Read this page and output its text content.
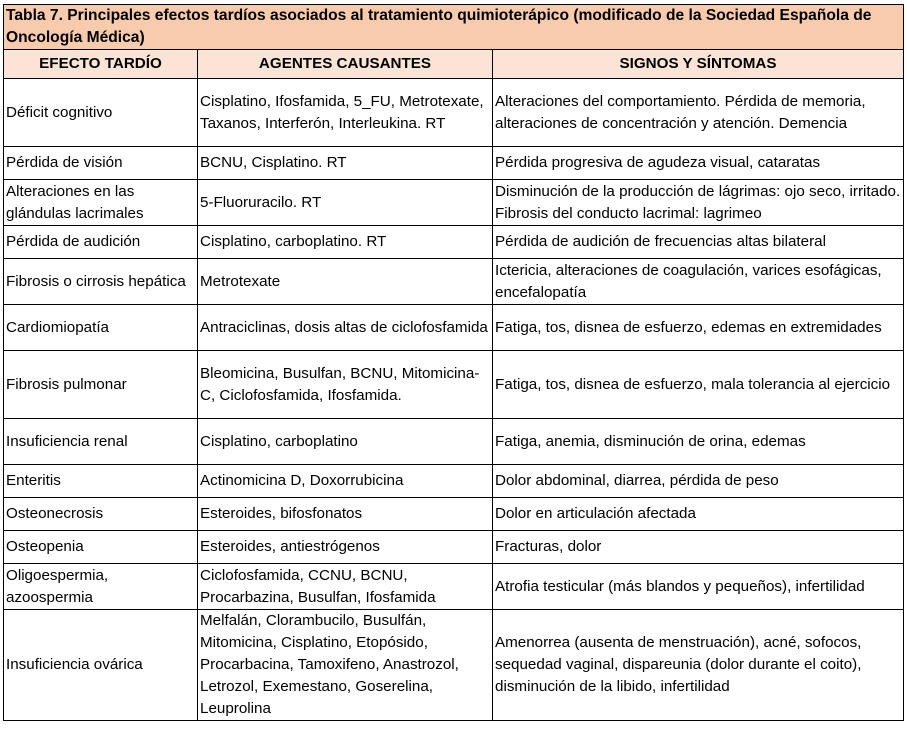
Tabla 7. Principales efectos tardíos asociados al tratamiento quimioterápico (modificado de la Sociedad Española de Oncología Médica)		
EFECTO TARDÍO	AGENTES CAUSANTES	SIGNOS Y SÍNTOMAS
Déficit cognitivo	Cisplatino, Ifosfamida, 5_FU, Metrotexate, Taxanos, Interferón, Interleukina. RT	Alteraciones del comportamiento. Pérdida de memoria, alteraciones de concentración y atención. Demencia
Pérdida de visión	BCNU, Cisplatino. RT	Pérdida progresiva de agudeza visual, cataratas
Alteraciones en las glándulas lacrimales	5-Fluoruracilo. RT	Disminución de la producción de lágrimas: ojo seco, irritado. Fibrosis del conducto lacrimal: lagrimeo
Pérdida de audición	Cisplatino, carboplatino. RT	Pérdida de audición de frecuencias altas bilateral
Fibrosis o cirrosis hepática	Metrotexate	Ictericia, alteraciones de coagulación, varices esofágicas, encefalopatía
Cardiomiopatía	Antraciclinas, dosis altas de ciclofosfamida	Fatiga, tos, disnea de esfuerzo, edemas en extremidades
Fibrosis pulmonar	Bleomicina, Busulfan, BCNU, Mitomicina-C, Ciclofosfamida, Ifosfamida.	Fatiga, tos, disnea de esfuerzo, mala tolerancia al ejercicio
Insuficiencia renal	Cisplatino, carboplatino	Fatiga, anemia, disminución de orina, edemas
Enteritis	Actinomicina D, Doxorrubicina	Dolor abdominal, diarrea, pérdida de peso
Osteonecrosis	Esteroides, bifosfonatos	Dolor en articulación afectada
Osteopenia	Esteroides, antiestrógenos	Fracturas, dolor
Oligoespermia, azoospermia	Ciclofosfamida, CCNU, BCNU, Procarbazina, Busulfan, Ifosfamida	Atrofia testicular (más blandos y pequeños), infertilidad
Insuficiencia ovárica	Melfalán, Clorambucilo, Busulfán, Mitomicina, Cisplatino, Etopósido, Procarbacina, Tamoxifeno, Anastrozol, Letrozol, Exemestano, Goserelina, Leuprolina	Amenorrea (ausenta de menstruación), acné, sofocos, sequedad vaginal, dispareunia (dolor durante el coito), disminución de la libido, infertilidad
